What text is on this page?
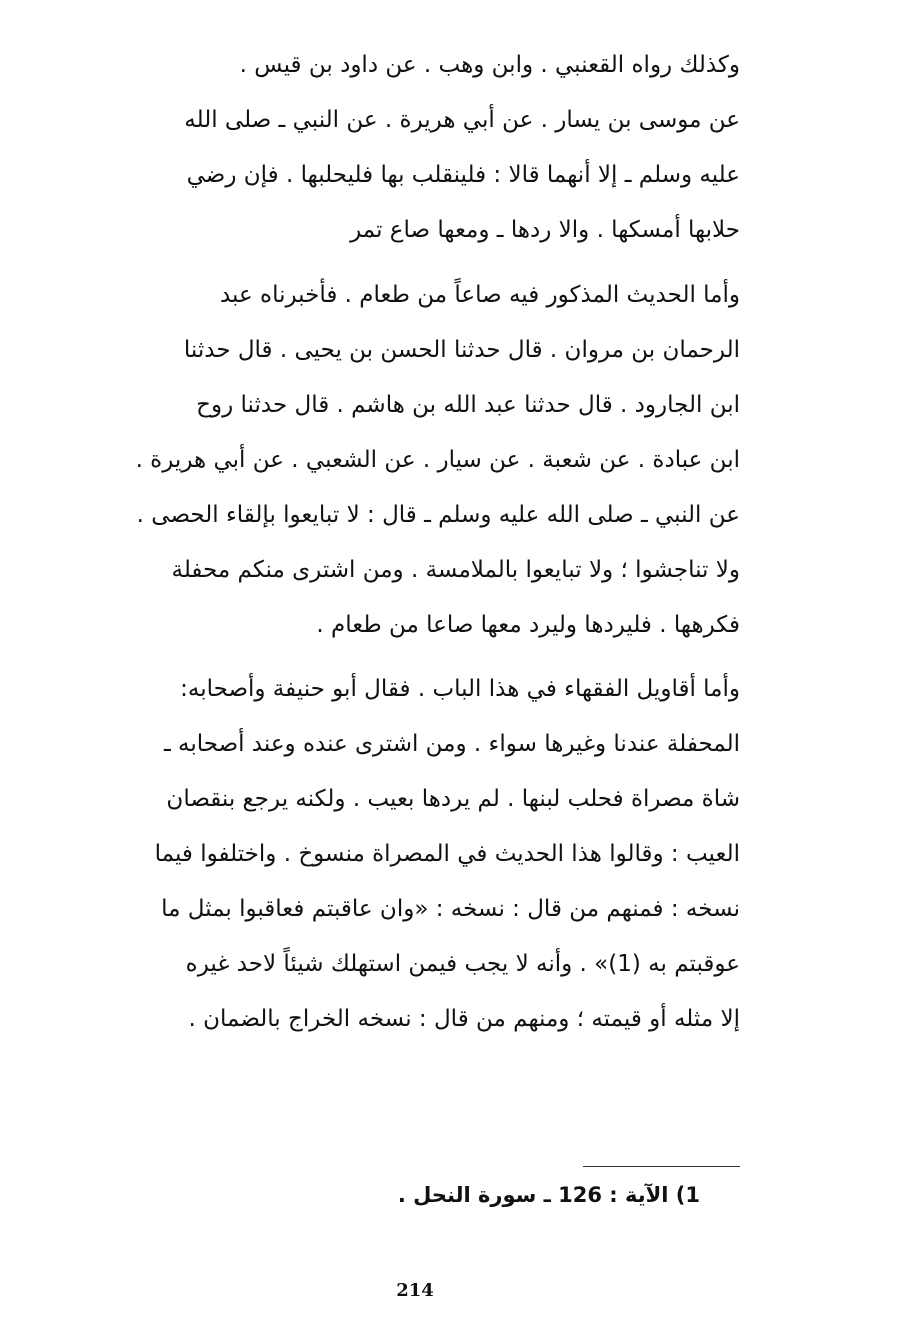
وكذلك رواه القعنبي . وابن وهب . عن داود بن قيس .
عن موسى بن يسار . عن أبي هريرة . عن النبي ـ صلى الله
عليه وسلم ـ إلا أنهما قالا : فلينقلب بها فليحلبها . فإن رضي
حلابها أمسكها . والا ردها ـ ومعها صاع تمر
وأما الحديث المذكور فيه صاعاً من طعام . فأخبرناه عبد
الرحمان بن مروان . قال حدثنا الحسن بن يحيى . قال حدثنا
ابن الجارود . قال حدثنا عبد الله بن هاشم . قال حدثنا روح
ابن عبادة . عن شعبة . عن سيار . عن الشعبي . عن أبي هريرة .
عن النبي ـ صلى الله عليه وسلم ـ قال : لا تبايعوا بإلقاء الحصى .
ولا تناجشوا ؛ ولا تبايعوا بالملامسة . ومن اشترى منكم محفلة
فكرهها . فليردها وليرد معها صاعا من طعام .
وأما أقاويل الفقهاء في هذا الباب . فقال أبو حنيفة وأصحابه:
المحفلة عندنا وغيرها سواء . ومن اشترى عنده وعند أصحابه ـ
شاة مصراة فحلب لبنها . لم يردها بعيب . ولكنه يرجع بنقصان
العيب : وقالوا هذا الحديث في المصراة منسوخ . واختلفوا فيما
نسخه : فمنهم من قال : نسخه : «وان عاقبتم فعاقبوا بمثل ما
عوقبتم به (1)» . وأنه لا يجب فيمن استهلك شيئاً لاحد غيره
إلا مثله أو قيمته ؛ ومنهم من قال : نسخه الخراج بالضمان .
1) الآية : 126 ـ سورة النحل .
214
